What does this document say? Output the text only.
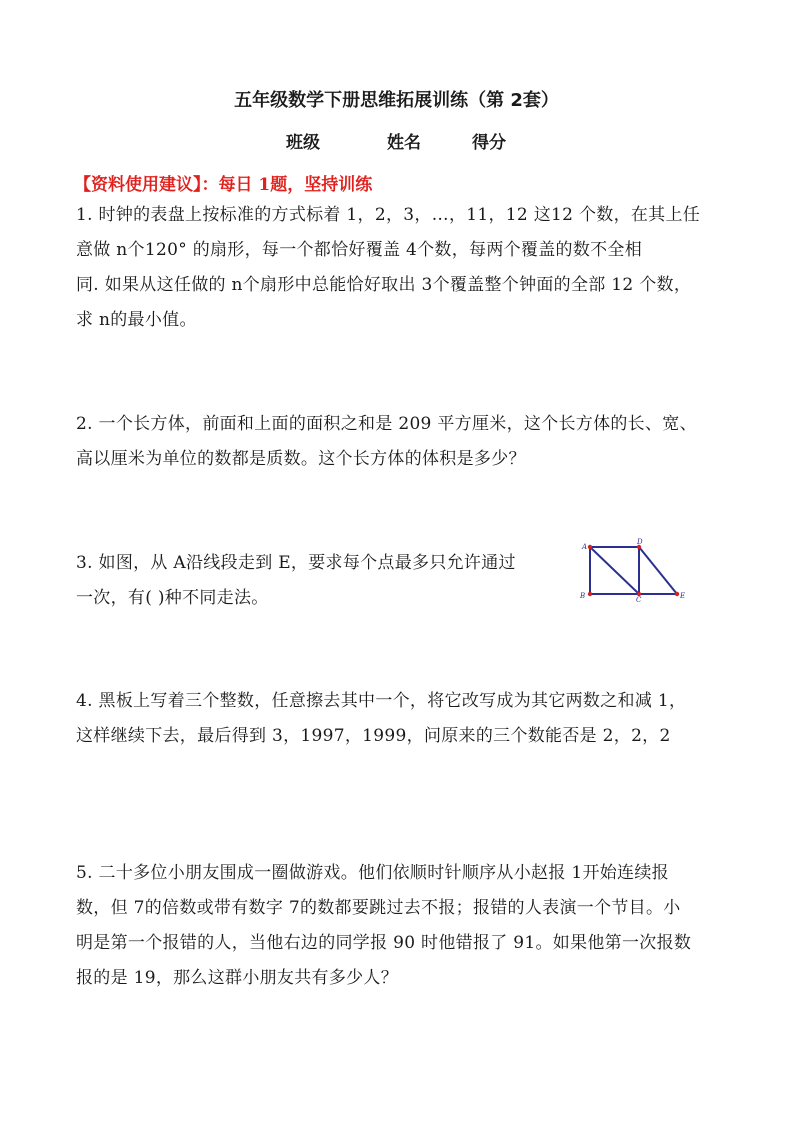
五年级数学下册思维拓展训练（第 2套）
班级	姓名	得分
【资料使用建议】：每日 1题，坚持训练
1. 时钟的表盘上按标准的方式标着 1，2，3，…，11，12 这12 个数，在其上任
意做 n个120° 的扇形，每一个都恰好覆盖 4个数，每两个覆盖的数不全相
同. 如果从这任做的 n个扇形中总能恰好取出 3个覆盖整个钟面的全部 12 个数，
求 n的最小值。
2. 一个长方体，前面和上面的面积之和是 209 平方厘米，这个长方体的长、宽、
高以厘米为单位的数都是质数。这个长方体的体积是多少？
3. 如图，从 A沿线段走到 E，要求每个点最多只允许通过
一次，有( )种不同走法。
A
D
B	C	E
4. 黑板上写着三个整数，任意擦去其中一个，将它改写成为其它两数之和减 1，
这样继续下去，最后得到 3，1997，1999，问原来的三个数能否是 2，2，2
5. 二十多位小朋友围成一圈做游戏。他们依顺时针顺序从小赵报 1开始连续报
数，但 7的倍数或带有数字 7的数都要跳过去不报；报错的人表演一个节目。小
明是第一个报错的人，当他右边的同学报 90 时他错报了 91。如果他第一次报数
报的是 19，那么这群小朋友共有多少人？
